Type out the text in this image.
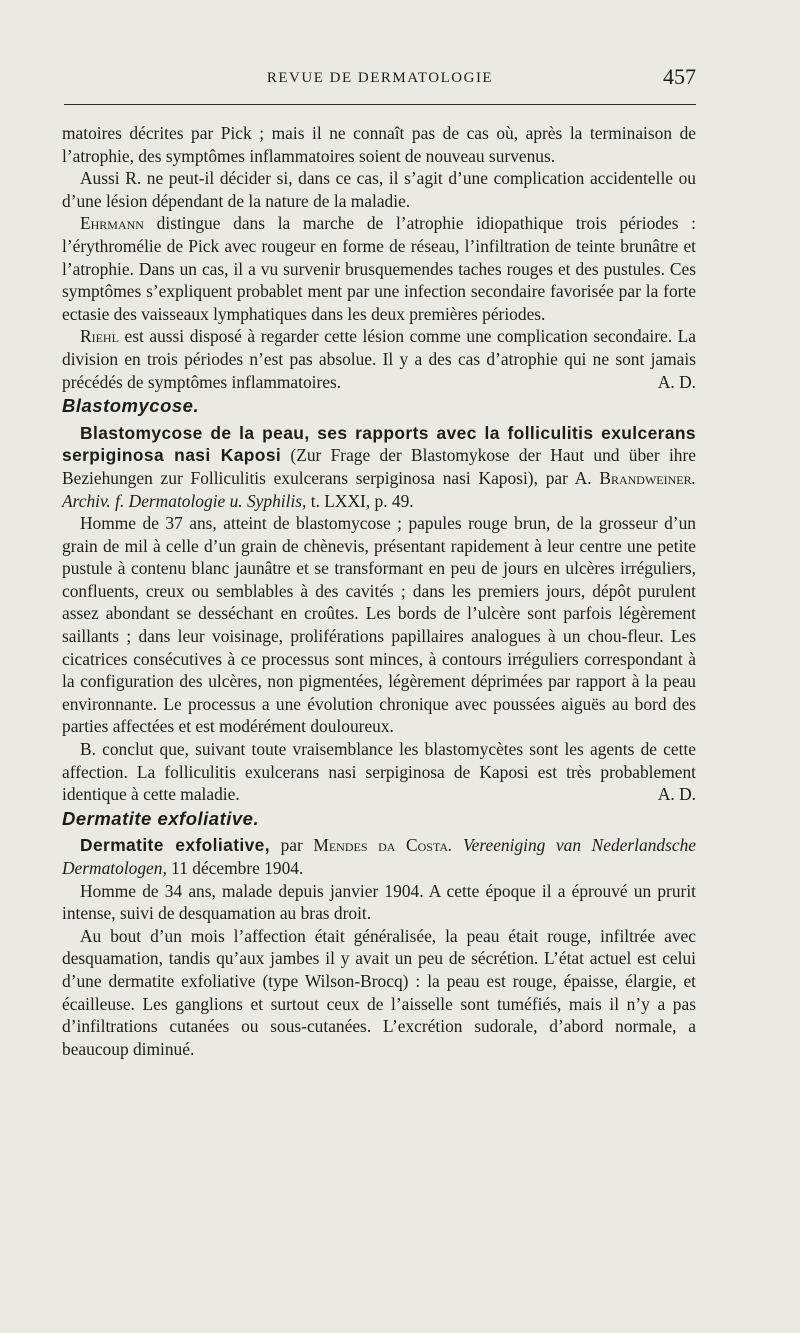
REVUE DE DERMATOLOGIE	457

matoires décrites par Pick ; mais il ne connaît pas de cas où, après la terminaison de l’atrophie, des symptômes inflammatoires soient de nouveau survenus.

Aussi R. ne peut-il décider si, dans ce cas, il s’agit d’une complication accidentelle ou d’une lésion dépendant de la nature de la maladie.

Ehrmann distingue dans la marche de l’atrophie idiopathique trois périodes : l’érythromélie de Pick avec rougeur en forme de réseau, l’infiltration de teinte brunâtre et l’atrophie. Dans un cas, il a vu survenir brusquemendes taches rouges et des pustules. Ces symptômes s’expliquent probablet ment par une infection secondaire favorisée par la forte ectasie des vaisseaux lymphatiques dans les deux premières périodes.

Riehl est aussi disposé à regarder cette lésion comme une complication secondaire. La division en trois périodes n’est pas absolue. Il y a des cas d’atrophie qui ne sont jamais précédés de symptômes inflammatoires.	A. D.

Blastomycose.

Blastomycose de la peau, ses rapports avec la folliculitis exulcerans serpiginosa nasi Kaposi (Zur Frage der Blastomykose der Haut und über ihre Beziehungen zur Folliculitis exulcerans serpiginosa nasi Kaposi), par A. Brandweiner. Archiv. f. Dermatologie u. Syphilis, t. LXXI, p. 49.

Homme de 37 ans, atteint de blastomycose ; papules rouge brun, de la grosseur d’un grain de mil à celle d’un grain de chènevis, présentant rapidement à leur centre une petite pustule à contenu blanc jaunâtre et se transformant en peu de jours en ulcères irréguliers, confluents, creux ou semblables à des cavités ; dans les premiers jours, dépôt purulent assez abondant se desséchant en croûtes. Les bords de l’ulcère sont parfois légèrement saillants ; dans leur voisinage, proliférations papillaires analogues à un chou-fleur. Les cicatrices consécutives à ce processus sont minces, à contours irréguliers correspondant à la configuration des ulcères, non pigmentées, légèrement déprimées par rapport à la peau environnante. Le processus a une évolution chronique avec poussées aiguës au bord des parties affectées et est modérément douloureux.

B. conclut que, suivant toute vraisemblance les blastomycètes sont les agents de cette affection. La folliculitis exulcerans nasi serpiginosa de Kaposi est très probablement identique à cette maladie.	A. D.

Dermatite exfoliative.

Dermatite exfoliative, par Mendes da Costa. Vereeniging van Nederlandsche Dermatologen, 11 décembre 1904.

Homme de 34 ans, malade depuis janvier 1904. A cette époque il a éprouvé un prurit intense, suivi de desquamation au bras droit.

Au bout d’un mois l’affection était généralisée, la peau était rouge, infiltrée avec desquamation, tandis qu’aux jambes il y avait un peu de sécrétion. L’état actuel est celui d’une dermatite exfoliative (type Wilson-Brocq) : la peau est rouge, épaisse, élargie, et écailleuse. Les ganglions et surtout ceux de l’aisselle sont tuméfiés, mais il n’y a pas d’infiltrations cutanées ou sous-cutanées. L’excrétion sudorale, d’abord normale, a beaucoup diminué.
